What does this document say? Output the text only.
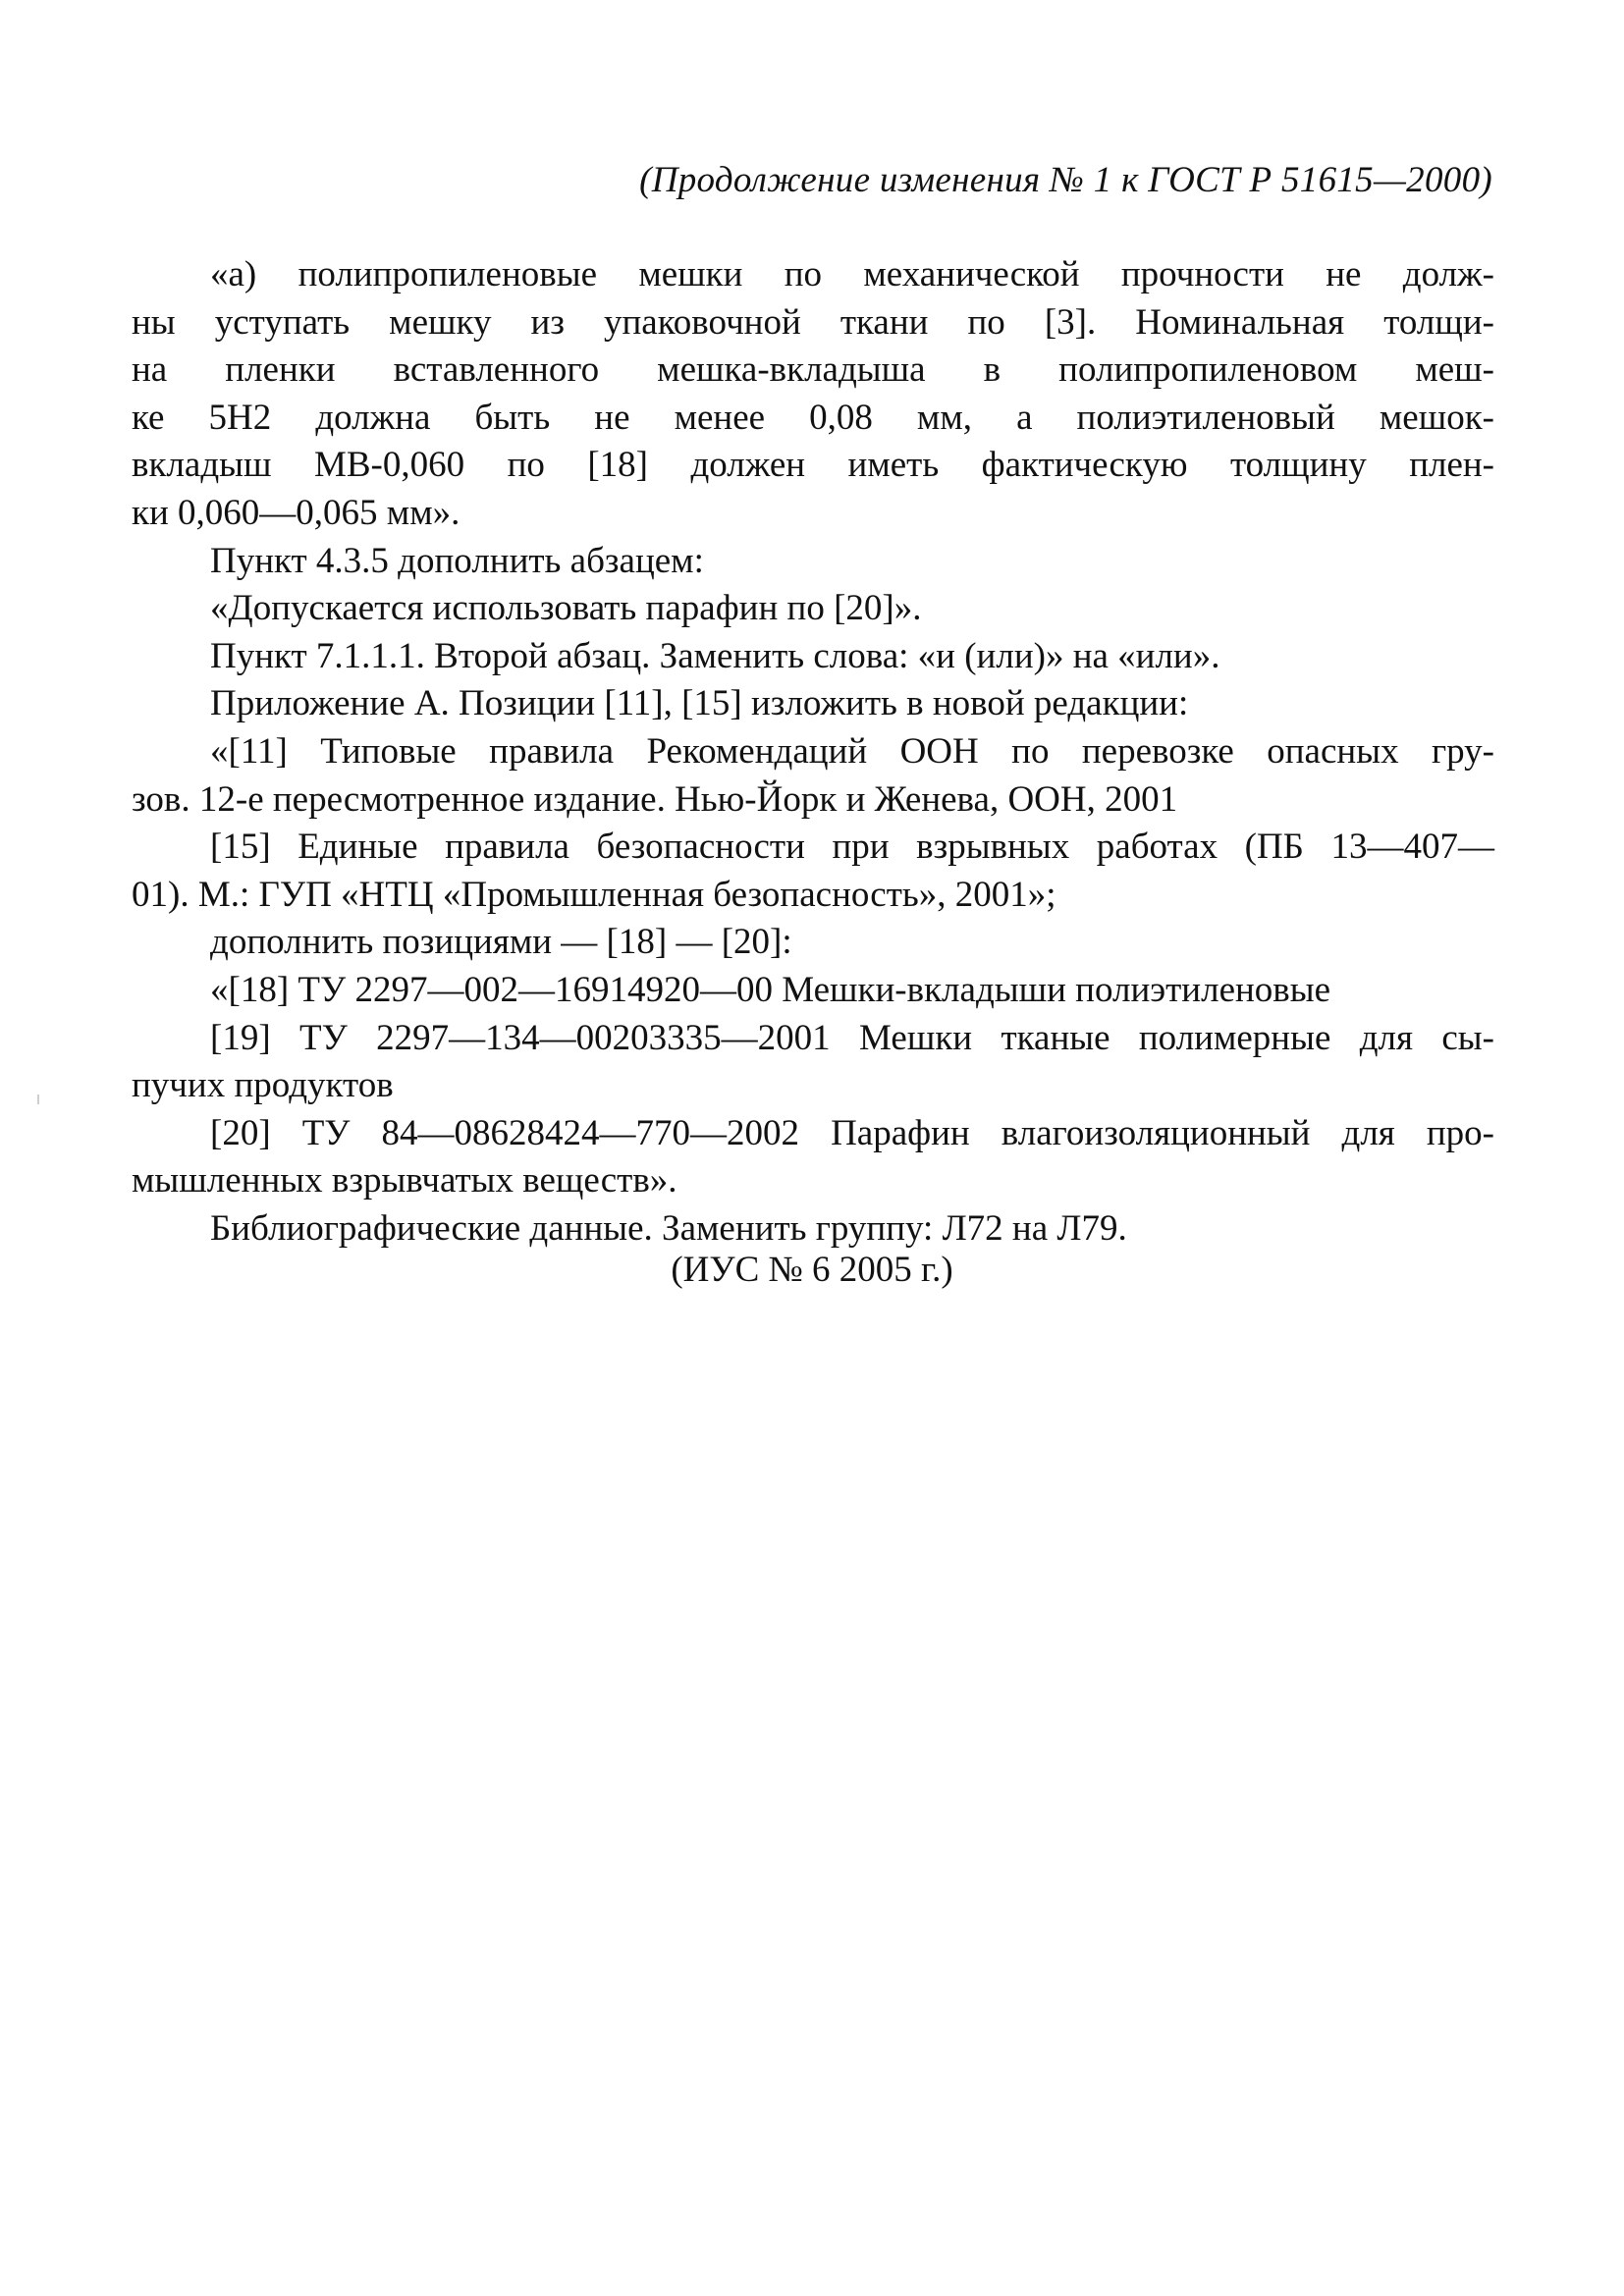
(Продолжение изменения № 1 к ГОСТ Р 51615—2000)
«а) полипропиленовые мешки по механической прочности не долж-
ны уступать мешку из упаковочной ткани по [3]. Номинальная толщи-
на пленки вставленного мешка-вкладыша в полипропиленовом меш-
ке 5Н2 должна быть не менее 0,08 мм, а полиэтиленовый мешок-
вкладыш МВ-0,060 по [18] должен иметь фактическую толщину плен-
ки 0,060—0,065 мм».
Пункт 4.3.5 дополнить абзацем:
«Допускается использовать парафин по [20]».
Пункт 7.1.1.1. Второй абзац. Заменить слова: «и (или)» на «или».
Приложение А. Позиции [11], [15] изложить в новой редакции:
«[11] Типовые правила Рекомендаций ООН по перевозке опасных гру-
зов. 12-е пересмотренное издание. Нью-Йорк и Женева, ООН, 2001
[15] Единые правила безопасности при взрывных работах (ПБ 13—407—
01). М.: ГУП «НТЦ «Промышленная безопасность», 2001»;
дополнить позициями — [18] — [20]:
«[18] ТУ 2297—002—16914920—00 Мешки-вкладыши полиэтиленовые
[19] ТУ 2297—134—00203335—2001 Мешки тканые полимерные для сы-
пучих продуктов
[20] ТУ 84—08628424—770—2002 Парафин влагоизоляционный для про-
мышленных взрывчатых веществ».
Библиографические данные. Заменить группу: Л72 на Л79.
(ИУС № 6 2005 г.)
